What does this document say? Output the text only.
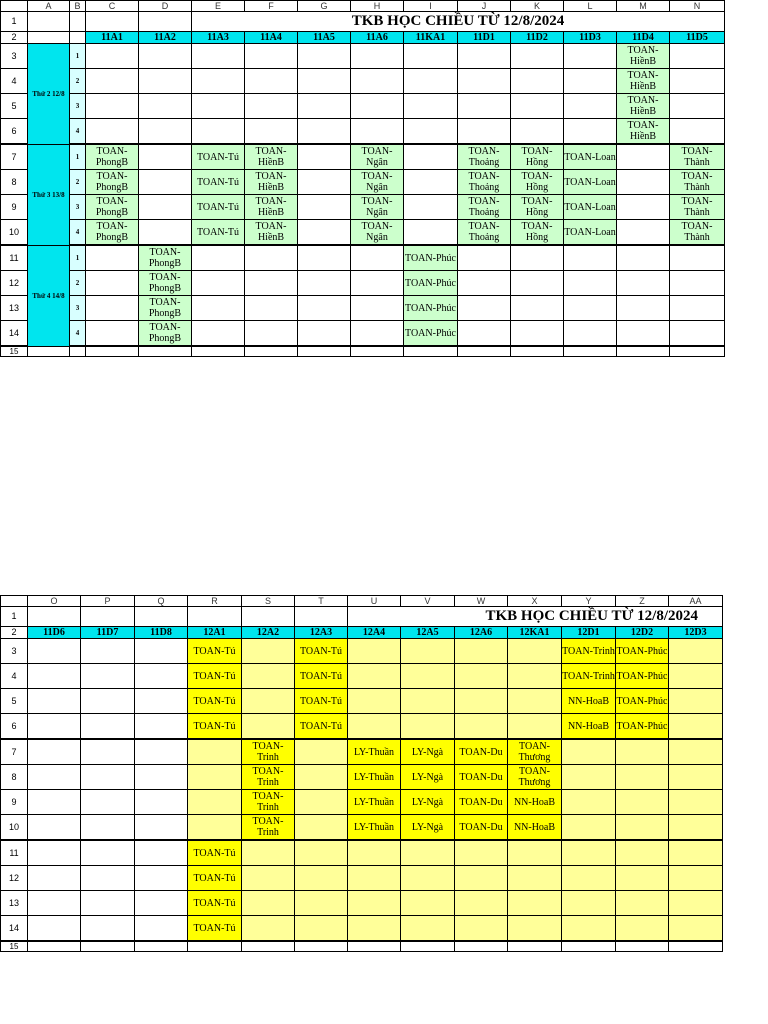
	A	B	C	D	E	F	G	H	I	J	K	L	M	N
1					TKB HỌC CHIỀU TỪ 12/8/2024									
2			11A1	11A2	11A3	11A4	11A5	11A6	11KA1	11D1	11D2	11D3	11D4	11D5
3	Thứ 2 12/8	1											TOAN-HiềnB	
4		2											TOAN-HiềnB	
5		3											TOAN-HiềnB	
6		4											TOAN-HiềnB	
7	Thứ 3 13/8	1	TOAN-PhongB		TOAN-Tú	TOAN-HiềnB		TOAN-Ngân		TOAN-Thoảng	TOAN-Hồng	TOAN-Loan		TOAN-Thành
8		2	TOAN-PhongB		TOAN-Tú	TOAN-HiềnB		TOAN-Ngân		TOAN-Thoảng	TOAN-Hồng	TOAN-Loan		TOAN-Thành
9		3	TOAN-PhongB		TOAN-Tú	TOAN-HiềnB		TOAN-Ngân		TOAN-Thoảng	TOAN-Hồng	TOAN-Loan		TOAN-Thành
10		4	TOAN-PhongB		TOAN-Tú	TOAN-HiềnB		TOAN-Ngân		TOAN-Thoảng	TOAN-Hồng	TOAN-Loan		TOAN-Thành
11	Thứ 4 14/8	1		TOAN-PhongB					TOAN-Phúc					
12		2		TOAN-PhongB					TOAN-Phúc					
13		3		TOAN-PhongB					TOAN-Phúc					
14		4		TOAN-PhongB					TOAN-Phúc					
15														
	O	P	Q	R	S	T	U	V	W	X	Y	Z	AA
1							TKB HỌC CHIỀU TỪ 12/8/2024						
2	11D6	11D7	11D8	12A1	12A2	12A3	12A4	12A5	12A6	12KA1	12D1	12D2	12D3
3				TOAN-Tú		TOAN-Tú					TOAN-Trinh	TOAN-Phúc	
4				TOAN-Tú		TOAN-Tú					TOAN-Trinh	TOAN-Phúc	
5				TOAN-Tú		TOAN-Tú					NN-HoaB	TOAN-Phúc	
6				TOAN-Tú		TOAN-Tú					NN-HoaB	TOAN-Phúc	
7					TOAN-Trinh		LY-Thuần	LY-Ngà	TOAN-Du	TOAN-Thương			
8					TOAN-Trinh		LY-Thuần	LY-Ngà	TOAN-Du	TOAN-Thương			
9					TOAN-Trinh		LY-Thuần	LY-Ngà	TOAN-Du	NN-HoaB			
10					TOAN-Trinh		LY-Thuần	LY-Ngà	TOAN-Du	NN-HoaB			
11				TOAN-Tú									
12				TOAN-Tú									
13				TOAN-Tú									
14				TOAN-Tú									
15													
